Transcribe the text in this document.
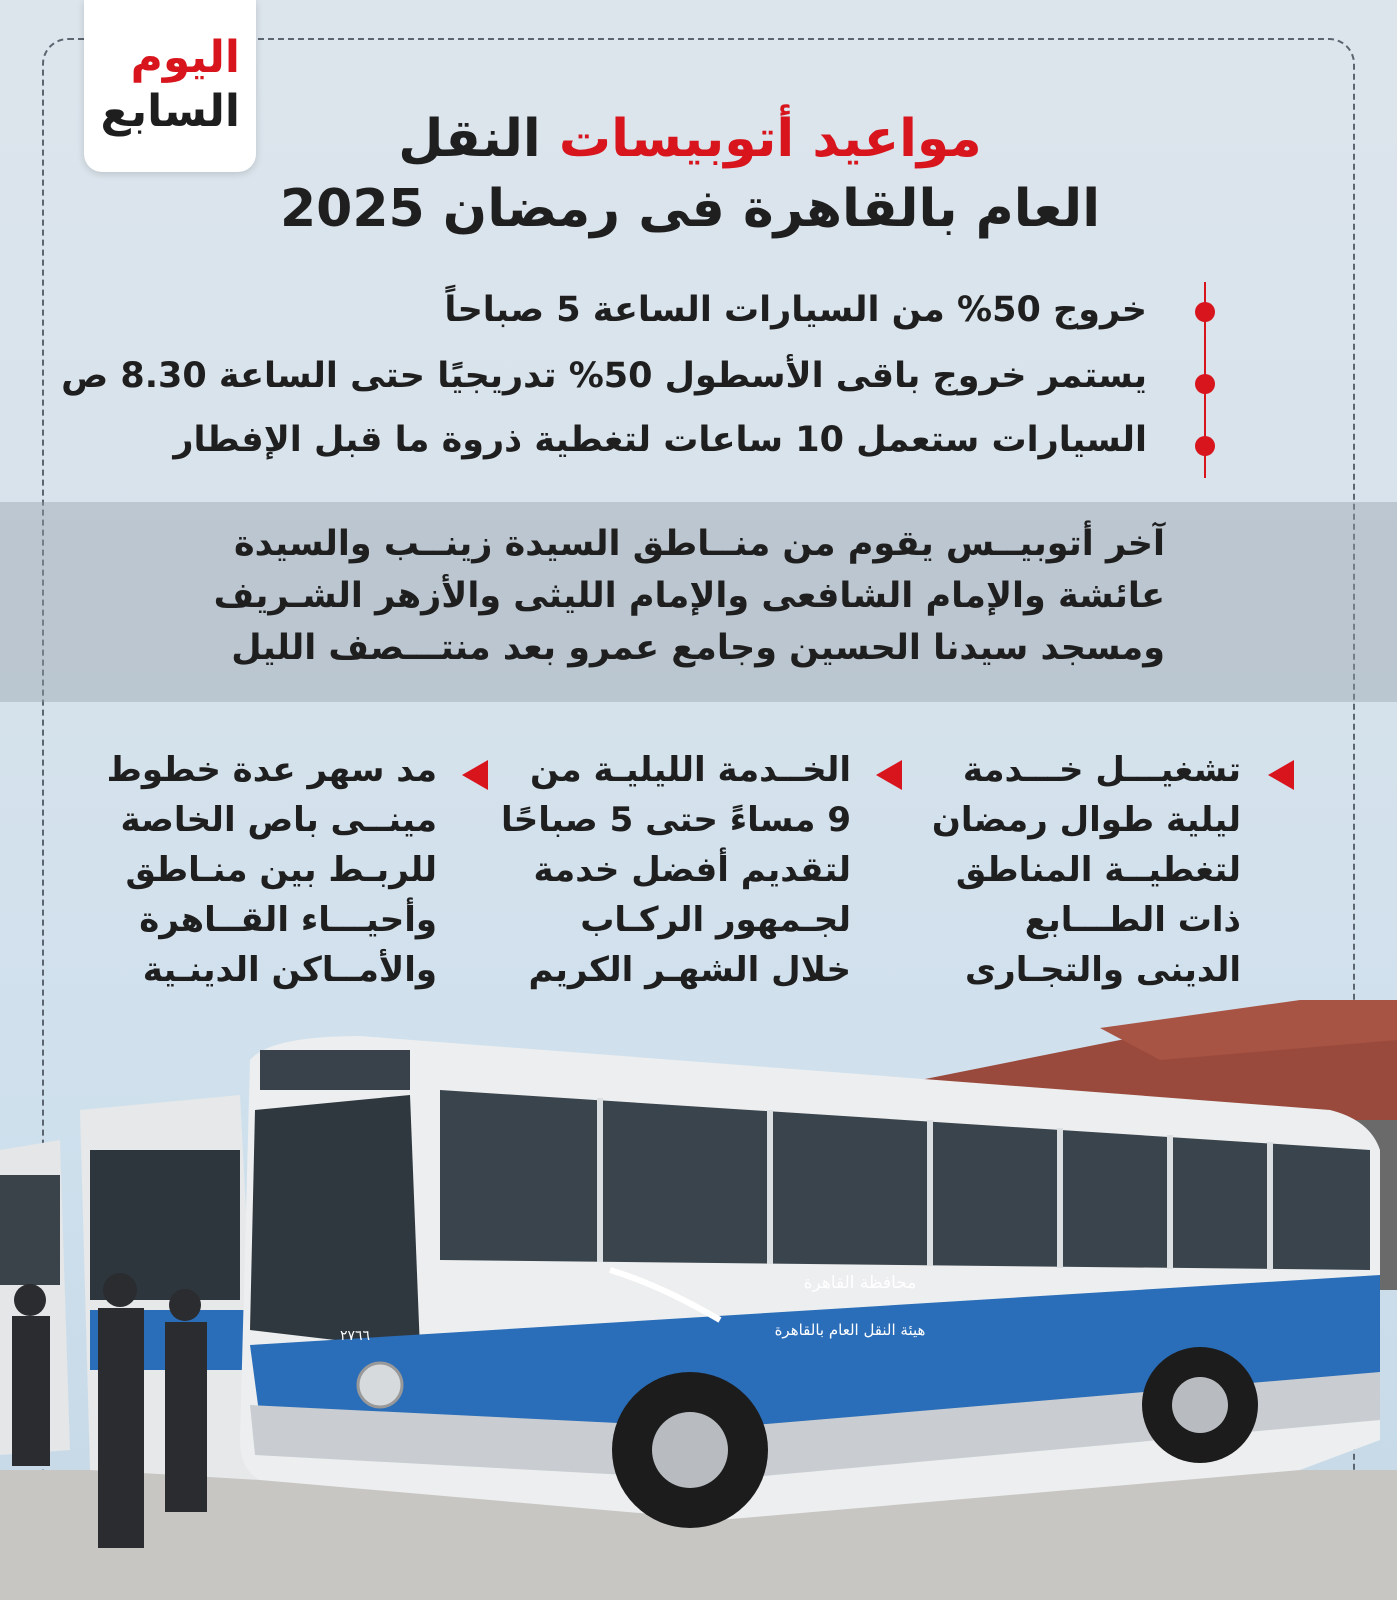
اليوم
السابع	مواعيد أتوبيسات النقل
العام بالقاهرة فى رمضان 2025
خروج 50% من السيارات الساعة 5 صباحاً
يستمر خروج باقى الأسطول 50% تدريجيًا حتى الساعة 8.30 ص
السيارات ستعمل 10 ساعات لتغطية ذروة ما قبل الإفطار
آخر أتوبيــس يقوم من منــاطق السيدة زينــب والسيدة
عائشة والإمام الشافعى والإمام الليثى والأزهر الشـريف
ومسجد سيدنا الحسين وجامع عمرو بعد منتـــصف الليل
تشغيـــل خـــدمة
ليلية طوال رمضان
لتغطيــة المناطق
ذات الطـــابع
الدينى والتجـارى
الخــدمة الليليـة من
9 مساءً حتى 5 صباحًا
لتقديم أفضل خدمة
لجـمهور الركـاب
خلال الشهـر الكريم
مد سهر عدة خطوط
مينــى باص الخاصة
للربـط بين منـاطق
وأحيـــاء القــاهرة
والأمــاكن الدينـية
محافظة القاهرة
هيئة النقل العام بالقاهرة
٢٧٦٦
